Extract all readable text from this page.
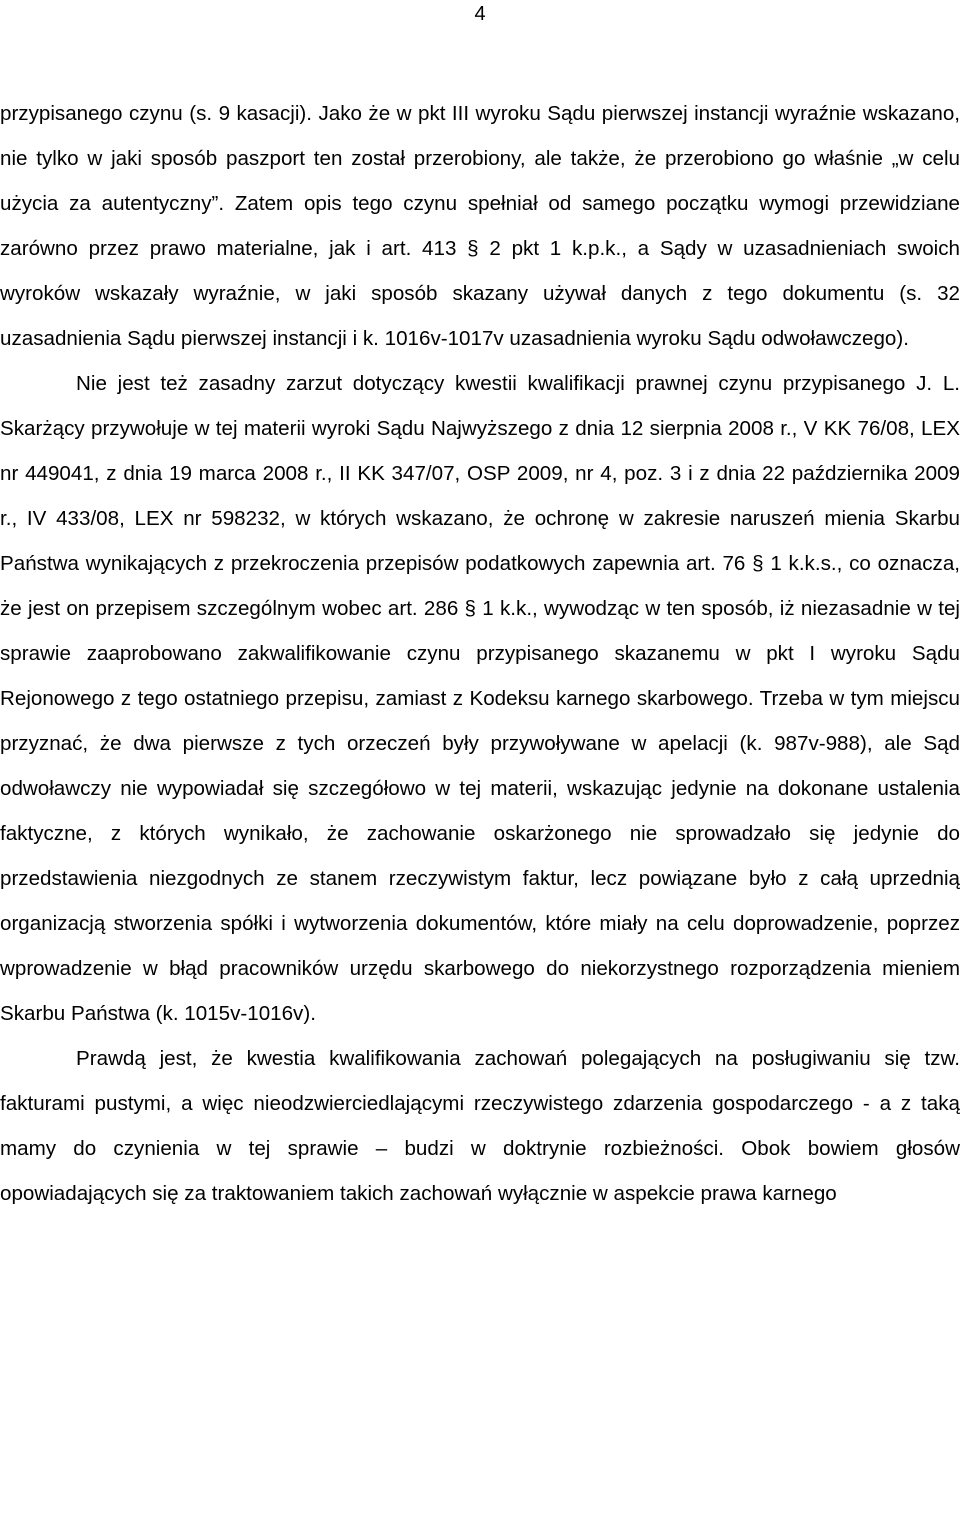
4

przypisanego czynu (s. 9 kasacji). Jako że w pkt III wyroku Sądu pierwszej instancji wyraźnie wskazano, nie tylko w jaki sposób paszport ten został przerobiony, ale także, że przerobiono go właśnie „w celu użycia za autentyczny”. Zatem opis tego czynu spełniał od samego początku wymogi przewidziane zarówno przez prawo materialne, jak i art. 413 § 2 pkt 1 k.p.k., a Sądy w uzasadnieniach swoich wyroków wskazały wyraźnie, w jaki sposób skazany używał danych z tego dokumentu (s. 32 uzasadnienia Sądu pierwszej instancji i k. 1016v-1017v uzasadnienia wyroku Sądu odwoławczego).

Nie jest też zasadny zarzut dotyczący kwestii kwalifikacji prawnej czynu przypisanego J. L. Skarżący przywołuje w tej materii wyroki Sądu Najwyższego z dnia 12 sierpnia 2008 r., V KK 76/08, LEX nr 449041, z dnia 19 marca 2008 r., II KK 347/07, OSP 2009, nr 4, poz. 3 i z dnia 22 października 2009 r., IV 433/08, LEX nr 598232, w których wskazano, że ochronę w zakresie naruszeń mienia Skarbu Państwa wynikających z przekroczenia przepisów podatkowych zapewnia art. 76 § 1 k.k.s., co oznacza, że jest on przepisem szczególnym wobec art. 286 § 1 k.k., wywodząc w ten sposób, iż niezasadnie w tej sprawie zaaprobowano zakwalifikowanie czynu przypisanego skazanemu w pkt I wyroku Sądu Rejonowego z tego ostatniego przepisu, zamiast z Kodeksu karnego skarbowego. Trzeba w tym miejscu przyznać, że dwa pierwsze z tych orzeczeń były przywoływane w apelacji (k. 987v-988), ale Sąd odwoławczy nie wypowiadał się szczegółowo w tej materii, wskazując jedynie na dokonane ustalenia faktyczne, z których wynikało, że zachowanie oskarżonego nie sprowadzało się jedynie do przedstawienia niezgodnych ze stanem rzeczywistym faktur, lecz powiązane było z całą uprzednią organizacją stworzenia spółki i wytworzenia dokumentów, które miały na celu doprowadzenie, poprzez wprowadzenie w błąd pracowników urzędu skarbowego do niekorzystnego rozporządzenia mieniem Skarbu Państwa (k. 1015v-1016v).

Prawdą jest, że kwestia kwalifikowania zachowań polegających na posługiwaniu się tzw. fakturami pustymi, a więc nieodzwierciedlającymi rzeczywistego zdarzenia gospodarczego - a z taką mamy do czynienia w tej sprawie – budzi w doktrynie rozbieżności. Obok bowiem głosów opowiadających się za traktowaniem takich zachowań wyłącznie w aspekcie prawa karnego
